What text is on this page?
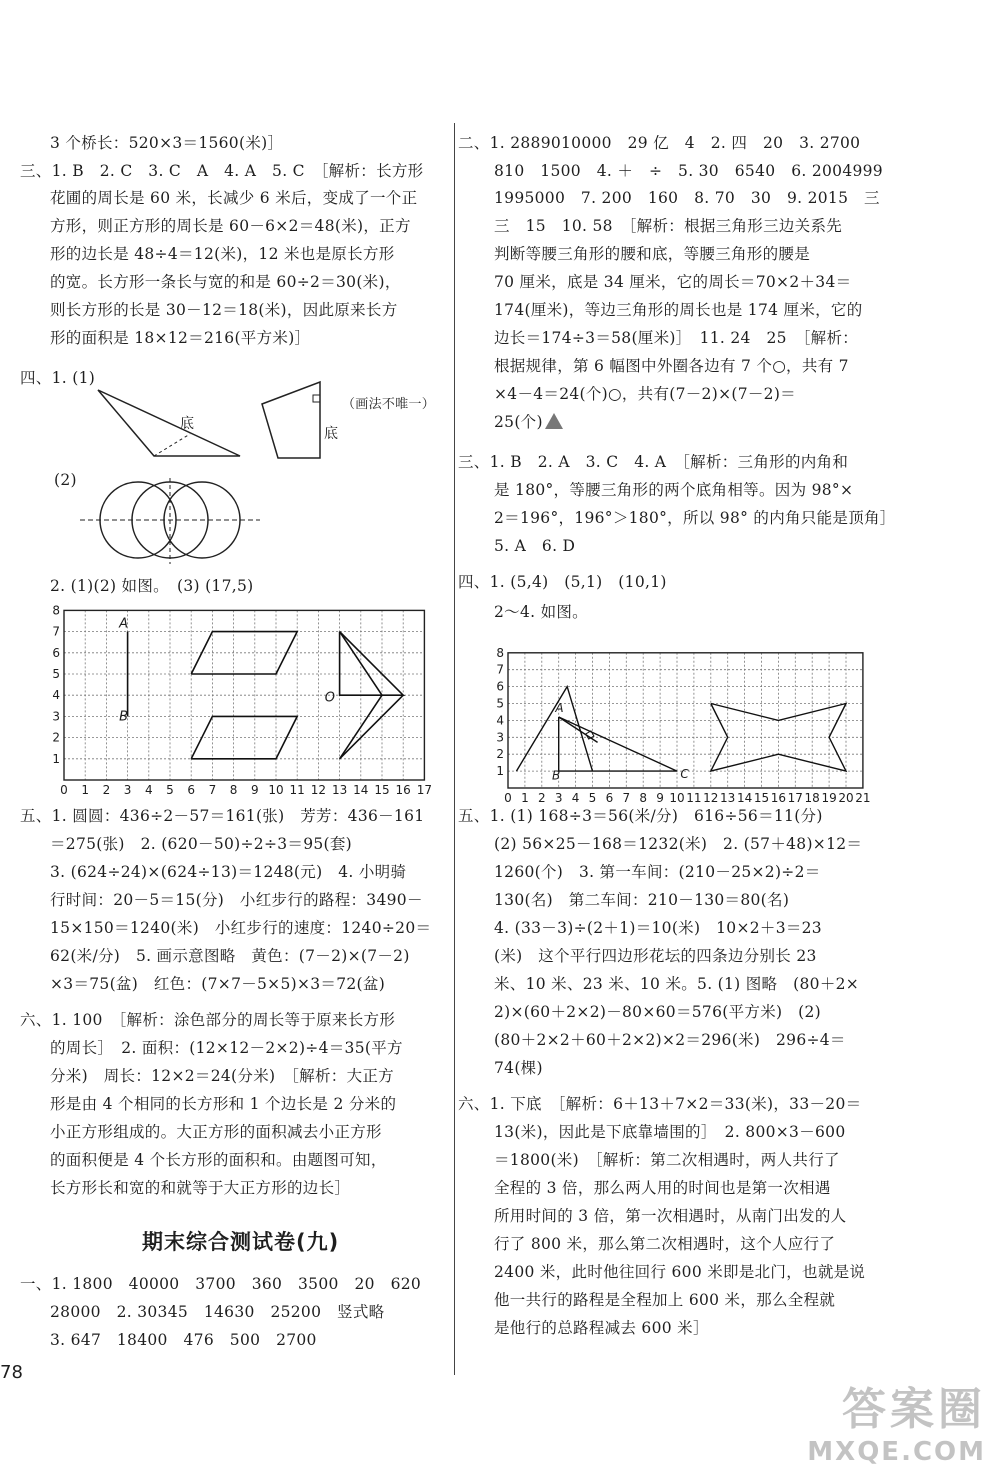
3 个桥长：520×3＝1560(米)］
三、1. B　2. C　3. C　A　4. A　5. C　［解析：长方形
花圃的周长是 60 米，长减少 6 米后，变成了一个正
方形，则正方形的周长是 60－6×2＝48(米)，正方
形的边长是 48÷4＝12(米)，12 米也是原长方形
的宽。长方形一条长与宽的和是 60÷2＝30(米)，
则长方形的长是 30－12＝18(米)，因此原来长方
形的面积是 18×12＝216(平方米)］
四、1. (1)
（画法不唯一）
底
底
(2)
2. (1)(2) 如图。　(3) (17,5)
0 1 2 3 4 5 6 7 8 9 10 11 12 13 14 15 16 17
1
2
3
4
5
6
7
8
A
B
O
五、1. 圆圆：436÷2－57＝161(张)　芳芳：436－161
＝275(张)　2. (620－50)÷2÷3＝95(套)
3. (624÷24)×(624÷13)＝1248(元)　4. 小明骑
行时间：20－5＝15(分)　小红步行的路程：3490－
15×150＝1240(米)　小红步行的速度：1240÷20＝
62(米/分)　5. 画示意图略　黄色：(7－2)×(7－2)
×3＝75(盆)　红色：(7×7－5×5)×3＝72(盆)
六、1. 100　［解析：涂色部分的周长等于原来长方形
的周长］　2. 面积：(12×12－2×2)÷4＝35(平方
分米)　周长：12×2＝24(分米)　［解析：大正方
形是由 4 个相同的长方形和 1 个边长是 2 分米的
小正方形组成的。大正方形的面积减去小正方形
的面积便是 4 个长方形的面积和。由题图可知，
长方形长和宽的和就等于大正方形的边长］
期末综合测试卷(九)
一、1. 1800　40000　3700　360　3500　20　620
28000　2. 30345　14630　25200　竖式略
3. 647　18400　476　500　2700
二、1. 2889010000　29 亿　4　2. 四　20　3. 2700
810　1500　4. ＋　÷　5. 30　6540　6. 2004999
1995000　7. 200　160　8. 70　30　9. 2015　三
三　15　10. 58　［解析：根据三角形三边关系先
判断等腰三角形的腰和底，等腰三角形的腰是
70 厘米，底是 34 厘米，它的周长＝70×2＋34＝
174(厘米)，等边三角形的周长也是 174 厘米，它的
边长＝174÷3＝58(厘米)］　11. 24　25　［解析：
根据规律，第 6 幅图中外圈各边有 7 个○，共有 7
×4－4＝24(个)○，共有(7－2)×(7－2)＝
25(个)
三、1. B　2. A　3. C　4. A　［解析：三角形的内角和
是 180°，等腰三角形的两个底角相等。因为 98°×
2＝196°，196°＞180°，所以 98° 的内角只能是顶角］
5. A　6. D
四、1. (5,4)　(5,1)　(10,1)
2～4. 如图。
0 1 2 3 4 5 6 7 8 9 10 11 12 13 14 15 16 17 18 19 20 21
1
2
3
4
5
6
7
8
A
B	C
五、1. (1) 168÷3＝56(米/分)　616÷56＝11(分)
(2) 56×25－168＝1232(米)　2. (57＋48)×12＝
1260(个)　3. 第一车间：(210－25×2)÷2＝
130(名)　第二车间：210－130＝80(名)
4. (33－3)÷(2＋1)＝10(米)　10×2＋3＝23
(米)　这个平行四边形花坛的四条边分别长 23
米、10 米、23 米、10 米。5. (1) 图略　(80＋2×
2)×(60＋2×2)－80×60＝576(平方米)　(2)
(80＋2×2＋60＋2×2)×2＝296(米)　296÷4＝
74(棵)
六、1. 下底　［解析：6＋13＋7×2＝33(米)，33－20＝
13(米)，因此是下底靠墙围的］　2. 800×3－600
＝1800(米)　［解析：第二次相遇时，两人共行了
全程的 3 倍，那么两人用的时间也是第一次相遇
所用时间的 3 倍，第一次相遇时，从南门出发的人
行了 800 米，那么第二次相遇时，这个人应行了
2400 米，此时他往回行 600 米即是北门，也就是说
他一共行的路程是全程加上 600 米，那么全程就
是他行的总路程减去 600 米］
78
答案圈
MXQE.COM
